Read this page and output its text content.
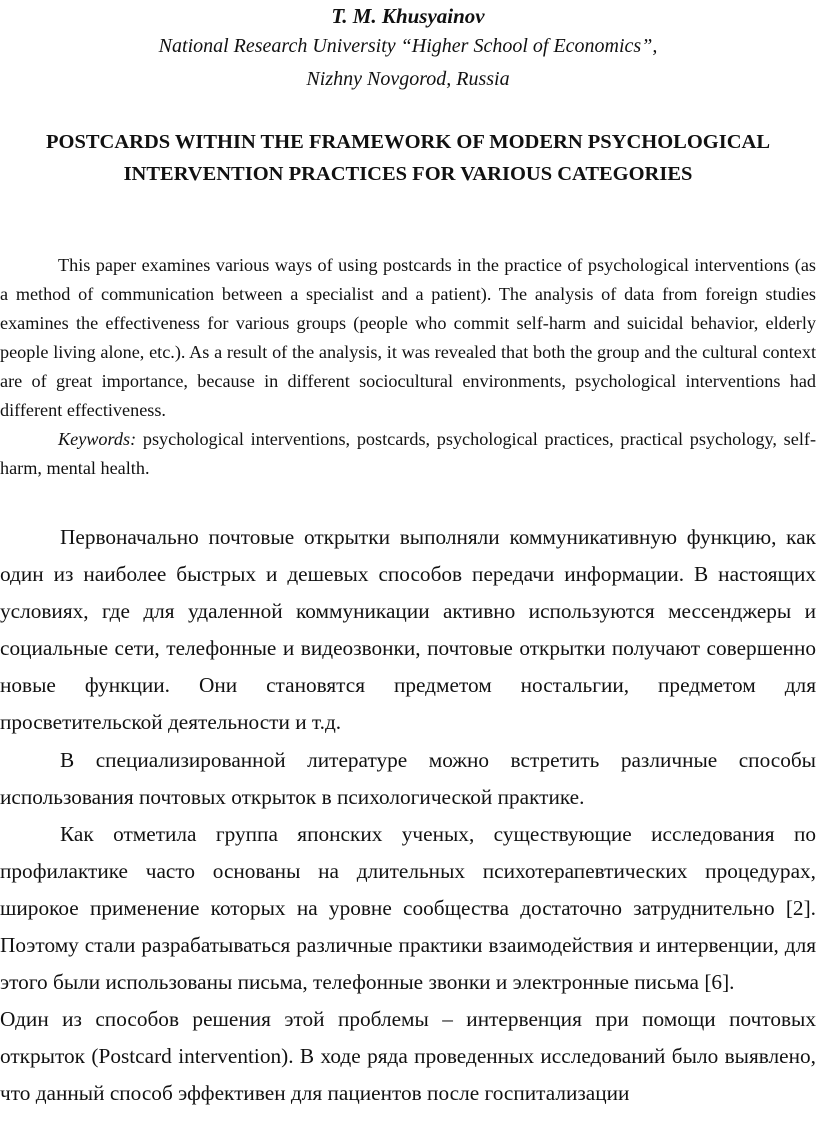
T. M. Khusyainov
National Research University “Higher School of Economics”,
Nizhny Novgorod, Russia
POSTCARDS WITHIN THE FRAMEWORK OF MODERN PSYCHOLOGICAL INTERVENTION PRACTICES FOR VARIOUS CATEGORIES

This paper examines various ways of using postcards in the practice of psychological interventions (as a method of communication between a specialist and a patient). The analysis of data from foreign studies examines the effectiveness for various groups (people who commit self-harm and suicidal behavior, elderly people living alone, etc.). As a result of the analysis, it was revealed that both the group and the cultural context are of great importance, because in different sociocultural environments, psychological interventions had different effectiveness.

Keywords: psychological interventions, postcards, psychological practices, practical psychology, self-harm, mental health.

Первоначально почтовые открытки выполняли коммуникативную функцию, как один из наиболее быстрых и дешевых способов передачи информации. В настоящих условиях, где для удаленной коммуникации активно используются мессенджеры и социальные сети, телефонные и видеозвонки, почтовые открытки получают совершенно новые функции. Они становятся предметом ностальгии, предметом для просветительской деятельности и т.д.

В специализированной литературе можно встретить различные способы использования почтовых открыток в психологической практике.

Как отметила группа японских ученых, существующие исследования по профилактике часто основаны на длительных психотерапевтических процедурах, широкое применение которых на уровне сообщества достаточно затруднительно [2]. Поэтому стали разрабатываться различные практики взаимодействия и интервенции, для этого были использованы письма, телефонные звонки и электронные письма [6].

Один из способов решения этой проблемы – интервенция при помощи почтовых открыток (Postcard intervention). В ходе ряда проведенных исследований было выявлено, что данный способ эффективен для пациентов после госпитализации
